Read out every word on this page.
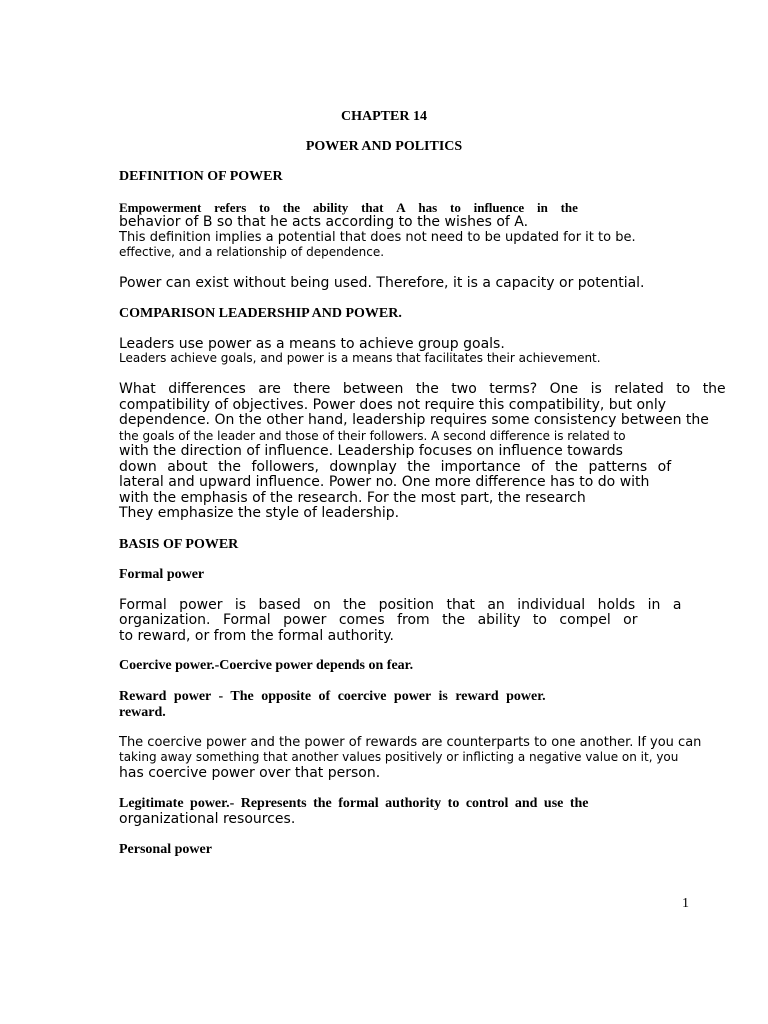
CHAPTER 14
POWER AND POLITICS
DEFINITION OF POWER
Empowerment refers to the ability that A has to influence in the
behavior of B so that he acts according to the wishes of A.
This definition implies a potential that does not need to be updated for it to be.
effective, and a relationship of dependence.
Power can exist without being used. Therefore, it is a capacity or potential.
COMPARISON LEADERSHIP AND POWER.
Leaders use power as a means to achieve group goals.
Leaders achieve goals, and power is a means that facilitates their achievement.
What differences are there between the two terms? One is related to the
compatibility of objectives. Power does not require this compatibility, but only
dependence. On the other hand, leadership requires some consistency between the
the goals of the leader and those of their followers. A second difference is related to
with the direction of influence. Leadership focuses on influence towards
down about the followers, downplay the importance of the patterns of
lateral and upward influence. Power no. One more difference has to do with
with the emphasis of the research. For the most part, the research
They emphasize the style of leadership.
BASIS OF POWER
Formal power
Formal power is based on the position that an individual holds in a
organization. Formal power comes from the ability to compel or
to reward, or from the formal authority.
Coercive power.-Coercive power depends on fear.
Reward power - The opposite of coercive power is reward power.
reward.
The coercive power and the power of rewards are counterparts to one another. If you can
taking away something that another values positively or inflicting a negative value on it, you
has coercive power over that person.
Legitimate power.- Represents the formal authority to control and use the
organizational resources.
Personal power
1
